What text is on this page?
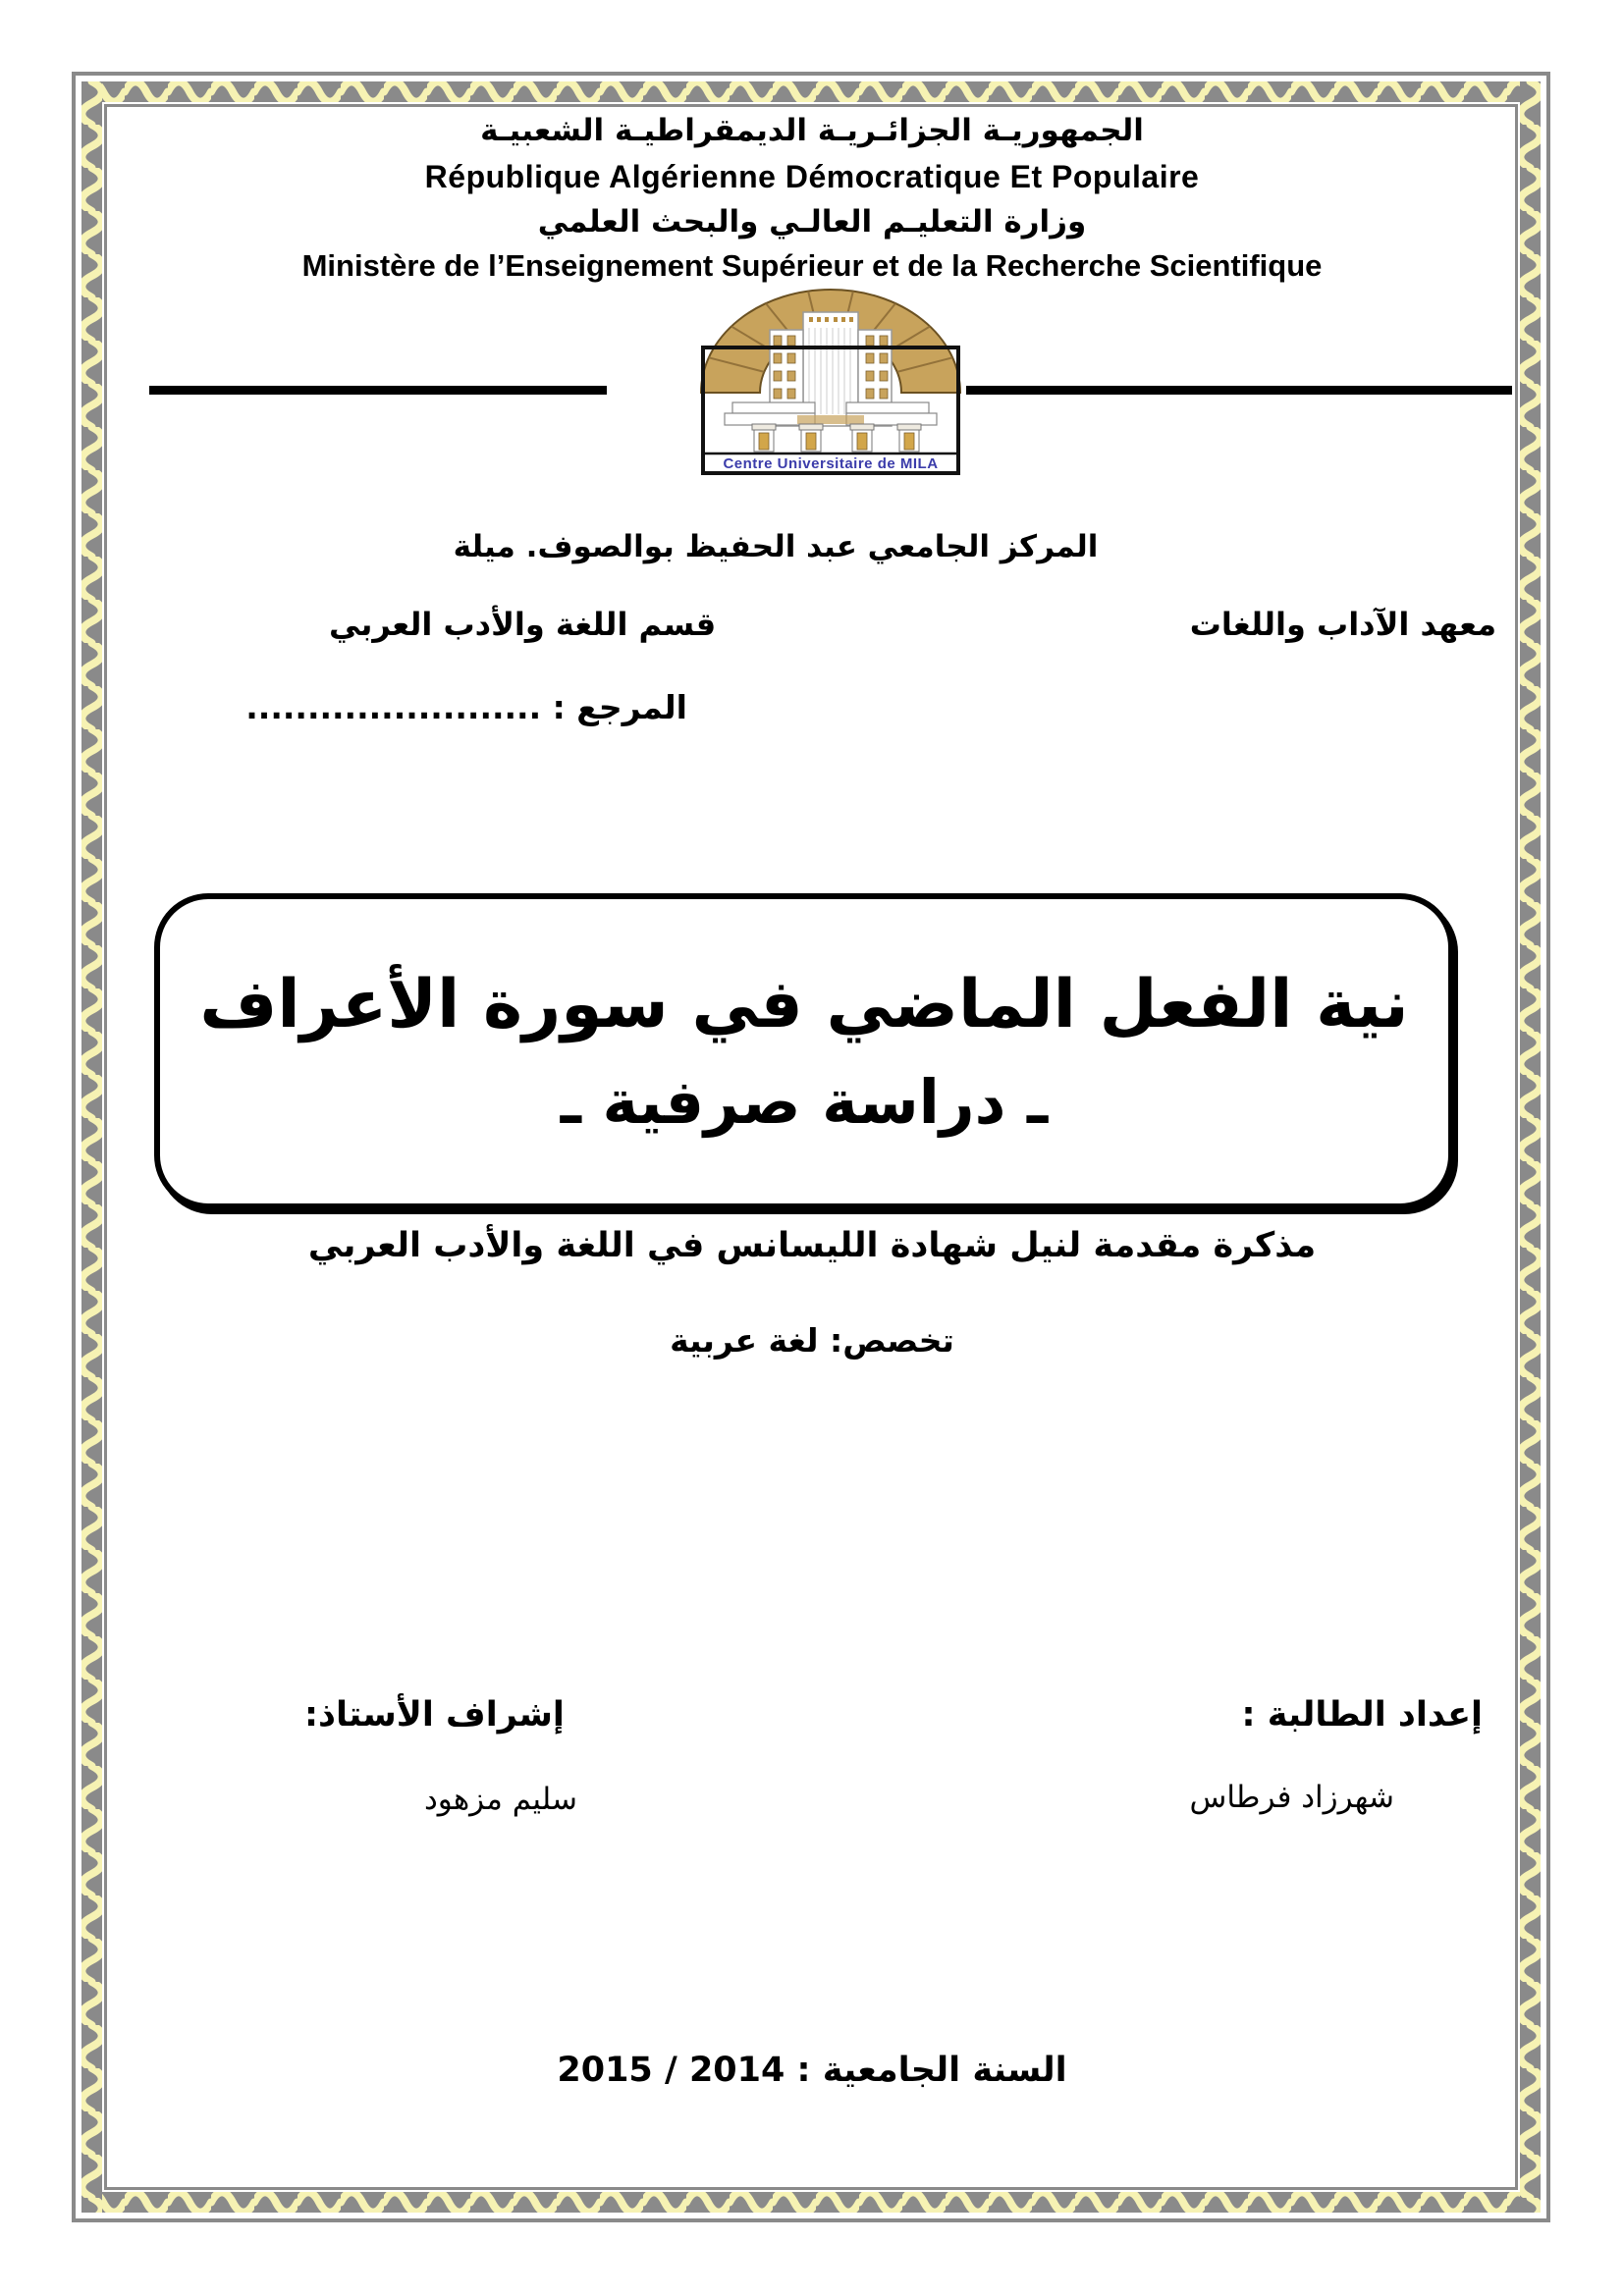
الجمهوريـة الجزائـريـة الديمقراطيـة الشعبيـة
République Algérienne Démocratique Et Populaire
وزارة التعليـم العالـي والبحث العلمي
Ministère de l’Enseignement Supérieur et de la Recherche Scientifique
Centre Universitaire de MILA
المركز الجامعي عبد الحفيظ بوالصوف. ميلة
معهد الآداب واللغات
قسم اللغة والأدب العربي
المرجع : ........................
نية الفعل الماضي في سورة الأعراف
ـ دراسة صرفية ـ
مذكرة مقدمة لنيل شهادة الليسانس في اللغة والأدب العربي
تخصص: لغة عربية
إعداد الطالبة :
شهرزاد فرطاس
إشراف الأستاذ:
سليم مزهود
السنة الجامعية : 2014 / 2015
